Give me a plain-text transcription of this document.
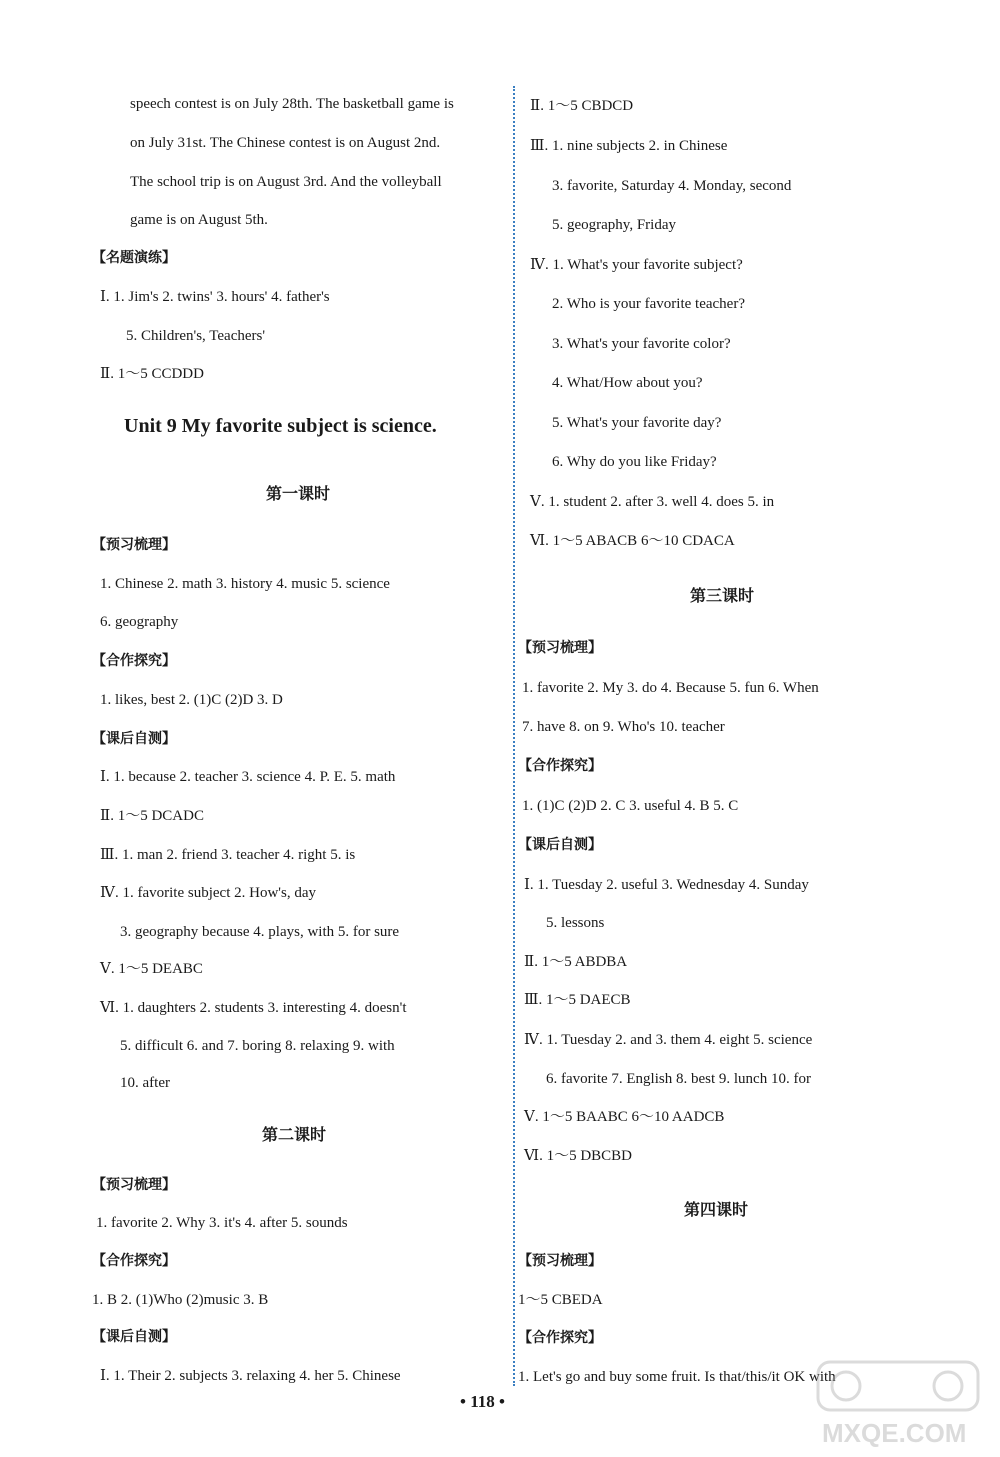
speech contest is on July 28th. The basketball game is
on July 31st. The Chinese contest is on August 2nd.
The school trip is on August 3rd. And the volleyball
game is on August 5th.
【名题演练】
Ⅰ. 1. Jim's 2. twins' 3. hours' 4. father's
5. Children's, Teachers'
Ⅱ. 1～5 CCDDD
Unit 9 My favorite subject is science.
第一课时
【预习梳理】
1. Chinese 2. math 3. history 4. music 5. science
6. geography
【合作探究】
1. likes, best 2. (1)C (2)D 3. D
【课后自测】
Ⅰ. 1. because 2. teacher 3. science 4. P. E. 5. math
Ⅱ. 1～5 DCADC
Ⅲ. 1. man 2. friend 3. teacher 4. right 5. is
Ⅳ. 1. favorite subject 2. How's, day
3. geography because 4. plays, with 5. for sure
Ⅴ. 1～5 DEABC
Ⅵ. 1. daughters 2. students 3. interesting 4. doesn't
5. difficult 6. and 7. boring 8. relaxing 9. with
10. after
第二课时
【预习梳理】
1. favorite 2. Why 3. it's 4. after 5. sounds
【合作探究】
1. B 2. (1)Who (2)music 3. B
【课后自测】
Ⅰ. 1. Their 2. subjects 3. relaxing 4. her 5. Chinese
Ⅱ. 1～5 CBDCD
Ⅲ. 1. nine subjects 2. in Chinese
3. favorite, Saturday 4. Monday, second
5. geography, Friday
Ⅳ. 1. What's your favorite subject?
2. Who is your favorite teacher?
3. What's your favorite color?
4. What/How about you?
5. What's your favorite day?
6. Why do you like Friday?
Ⅴ. 1. student 2. after 3. well 4. does 5. in
Ⅵ. 1～5 ABACB 6～10 CDACA
第三课时
【预习梳理】
1. favorite 2. My 3. do 4. Because 5. fun 6. When
7. have 8. on 9. Who's 10. teacher
【合作探究】
1. (1)C (2)D 2. C 3. useful 4. B 5. C
【课后自测】
Ⅰ. 1. Tuesday 2. useful 3. Wednesday 4. Sunday
5. lessons
Ⅱ. 1～5 ABDBA
Ⅲ. 1～5 DAECB
Ⅳ. 1. Tuesday 2. and 3. them 4. eight 5. science
6. favorite 7. English 8. best 9. lunch 10. for
Ⅴ. 1～5 BAABC 6～10 AADCB
Ⅵ. 1～5 DBCBD
第四课时
【预习梳理】
1～5 CBEDA
【合作探究】
1. Let's go and buy some fruit. Is that/this/it OK with
• 118 •
MXQE.COM
